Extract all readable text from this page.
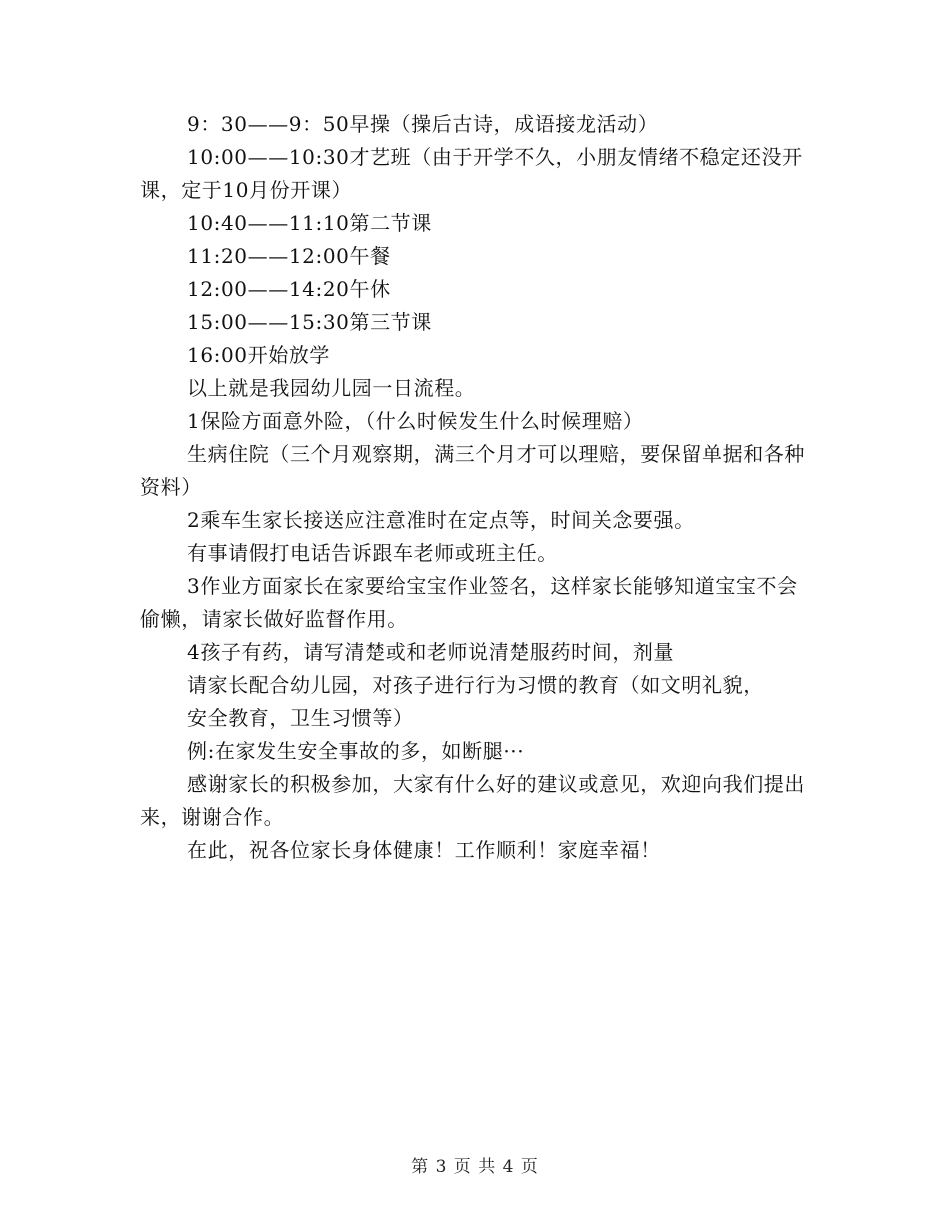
9：30——9：50早操（操后古诗，成语接龙活动）

10:00——10:30才艺班（由于开学不久，小朋友情绪不稳定还没开课，定于10月份开课）

10:40——11:10第二节课

11:20——12:00午餐

12:00——14:20午休

15:00——15:30第三节课

16:00开始放学

以上就是我园幼儿园一日流程。

1保险方面意外险，（什么时候发生什么时候理赔）

生病住院（三个月观察期，满三个月才可以理赔，要保留单据和各种资料）

2乘车生家长接送应注意准时在定点等，时间关念要强。

有事请假打电话告诉跟车老师或班主任。

3作业方面家长在家要给宝宝作业签名，这样家长能够知道宝宝不会偷懒，请家长做好监督作用。

4孩子有药，请写清楚或和老师说清楚服药时间，剂量

请家长配合幼儿园，对孩子进行行为习惯的教育（如文明礼貌，

安全教育，卫生习惯等）

例:在家发生安全事故的多，如断腿···

感谢家长的积极参加，大家有什么好的建议或意见，欢迎向我们提出来，谢谢合作。

在此，祝各位家长身体健康！工作顺利！家庭幸福！

第 3 页 共 4 页
